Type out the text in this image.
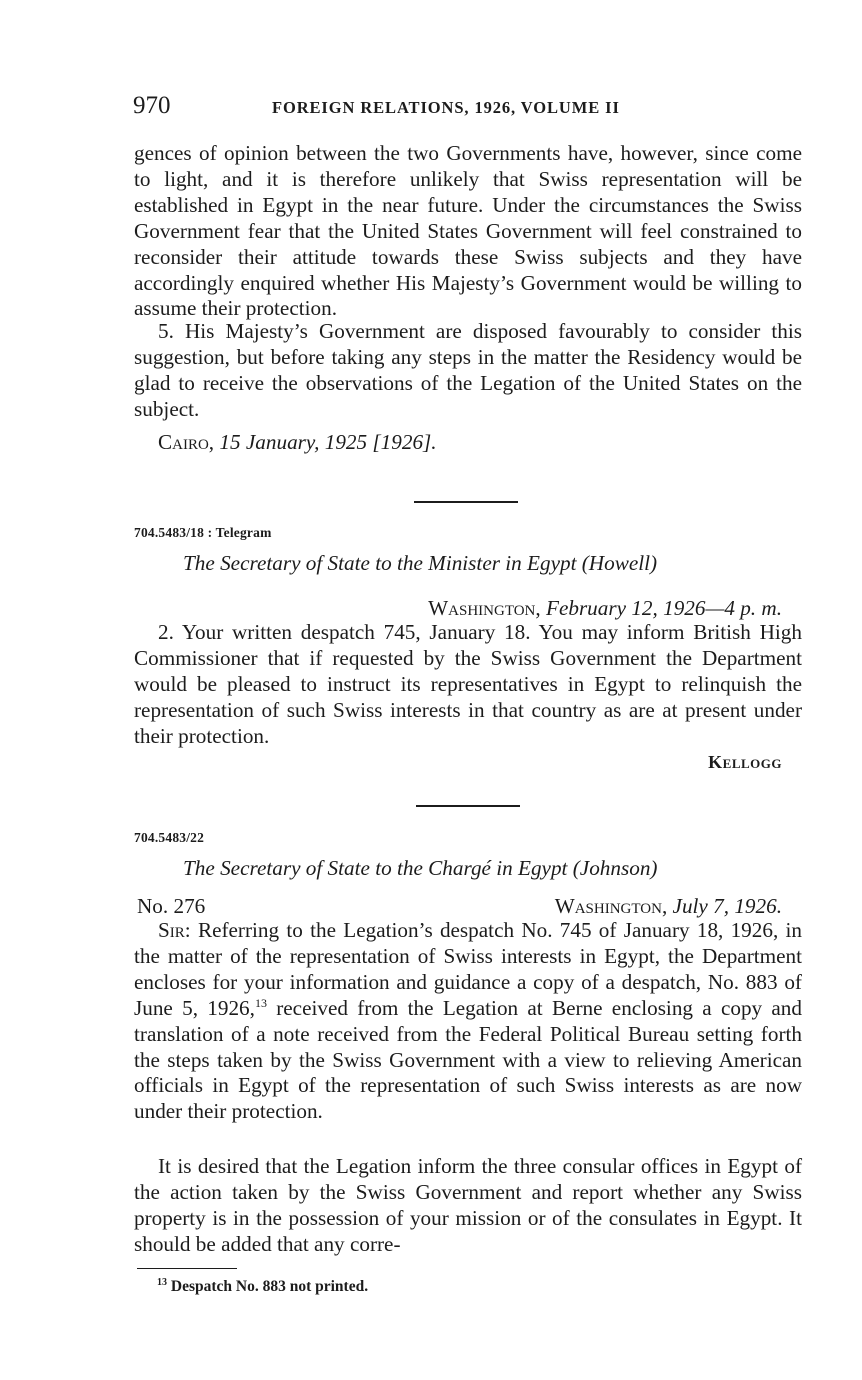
970	FOREIGN RELATIONS, 1926, VOLUME II

gences of opinion between the two Governments have, however, since come to light, and it is therefore unlikely that Swiss representation will be established in Egypt in the near future. Under the circumstances the Swiss Government fear that the United States Government will feel constrained to reconsider their attitude towards these Swiss subjects and they have accordingly enquired whether His Majesty’s Government would be willing to assume their protection.

5. His Majesty’s Government are disposed favourably to consider this suggestion, but before taking any steps in the matter the Residency would be glad to receive the observations of the Legation of the United States on the subject.

Cairo, 15 January, 1925 [1926].
704.5483/18 : Telegram
The Secretary of State to the Minister in Egypt (Howell)
Washington, February 12, 1926—4 p. m.

2. Your written despatch 745, January 18. You may inform British High Commissioner that if requested by the Swiss Government the Department would be pleased to instruct its representatives in Egypt to relinquish the representation of such Swiss interests in that country as are at present under their protection.

Kellogg
704.5483/22
The Secretary of State to the Chargé in Egypt (Johnson)
No. 276	Washington, July 7, 1926.

Sir: Referring to the Legation’s despatch No. 745 of January 18, 1926, in the matter of the representation of Swiss interests in Egypt, the Department encloses for your information and guidance a copy of a despatch, No. 883 of June 5, 1926,13 received from the Legation at Berne enclosing a copy and translation of a note received from the Federal Political Bureau setting forth the steps taken by the Swiss Government with a view to relieving American officials in Egypt of the representation of such Swiss interests as are now under their protection.

It is desired that the Legation inform the three consular offices in Egypt of the action taken by the Swiss Government and report whether any Swiss property is in the possession of your mission or of the consulates in Egypt. It should be added that any corre-

$^{13}$ Despatch No. 883 not printed.
